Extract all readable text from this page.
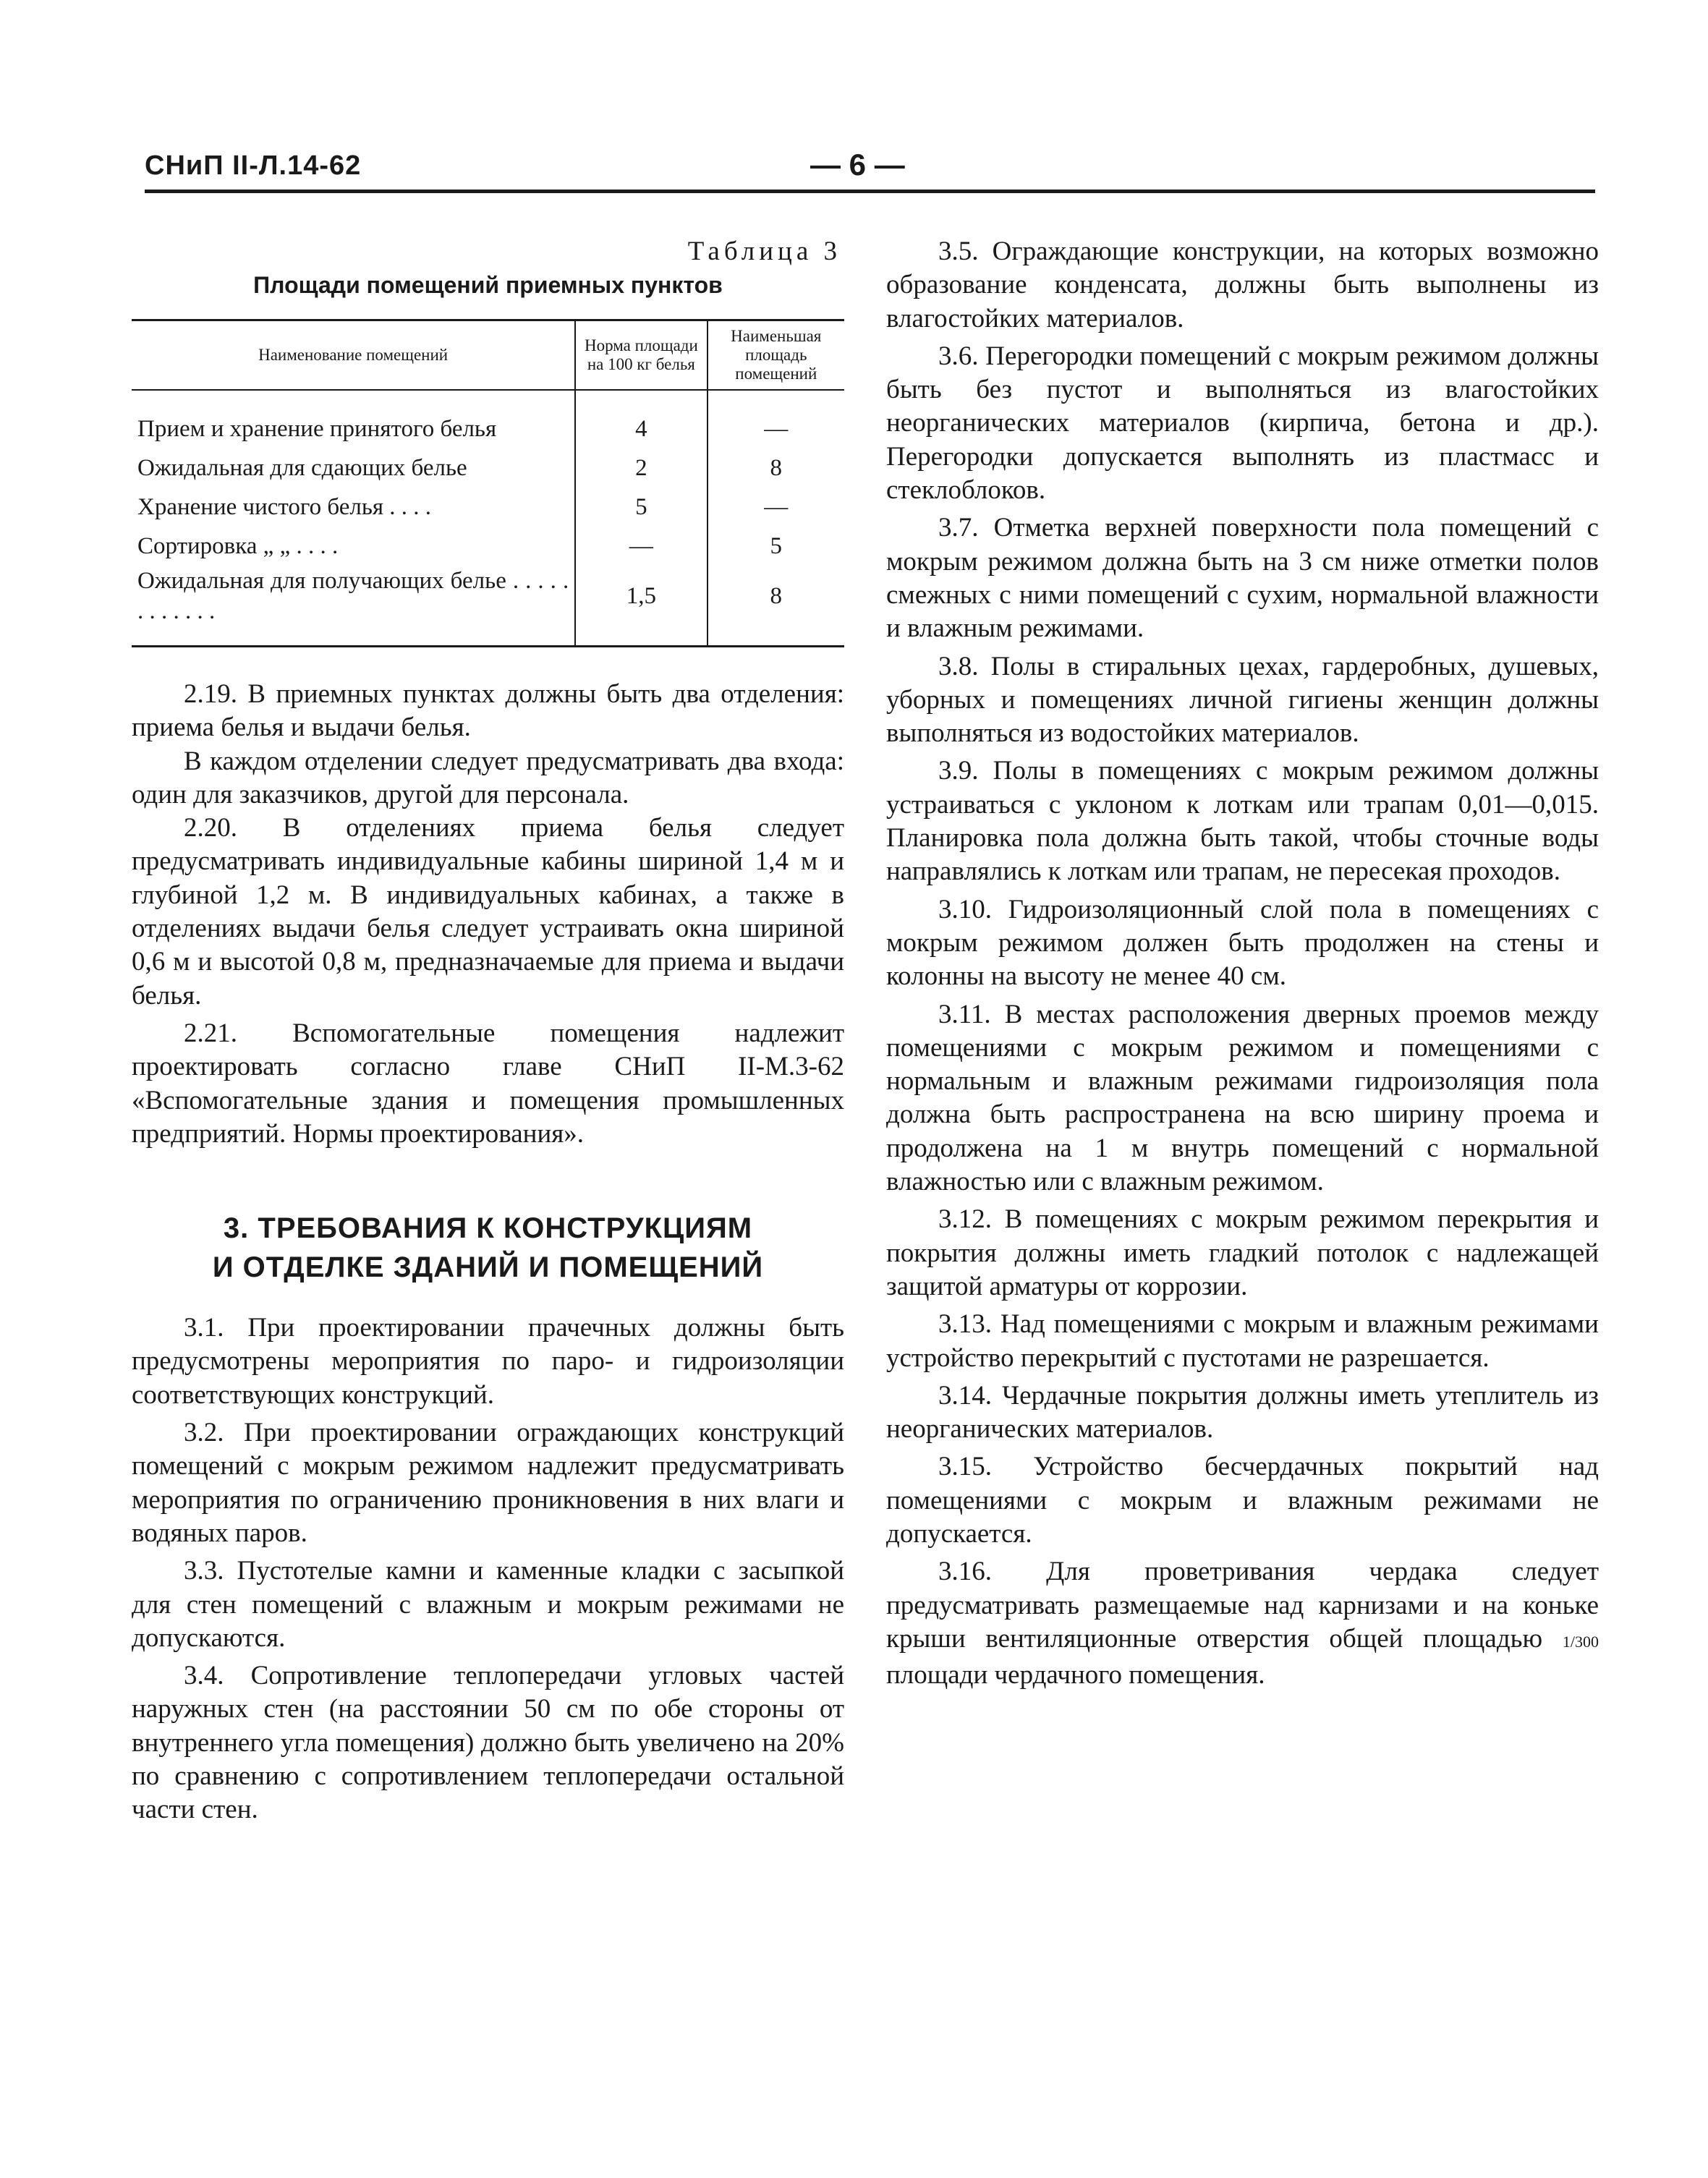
СНиП II-Л.14-62	— 6 —
Таблица 3
Площади помещений приемных пунктов
Наименование помещений	Норма площади на 100 кг белья	Наименьшая площадь помещений
Прием и хранение принятого белья	4	—
Ожидальная для сдающих белье	2	8
Хранение чистого белья . . . .	5	—
Сортировка „ „ . . . .	—	5
Ожидальная для получающих белье . . . . . . . . . . . .	1,5	8

2.19. В приемных пунктах должны быть два отделения: приема белья и выдачи белья.

В каждом отделении следует предусматривать два входа: один для заказчиков, другой для персонала.

2.20. В отделениях приема белья следует предусматривать индивидуальные кабины шириной 1,4 м и глубиной 1,2 м. В индивидуальных кабинах, а также в отделениях выдачи белья следует устраивать окна шириной 0,6 м и высотой 0,8 м, предназначаемые для приема и выдачи белья.

2.21. Вспомогательные помещения надлежит проектировать согласно главе СНиП II-М.3-62 «Вспомогательные здания и помещения промышленных предприятий. Нормы проектирования».

3. ТРЕБОВАНИЯ К КОНСТРУКЦИЯМ
И ОТДЕЛКЕ ЗДАНИЙ И ПОМЕЩЕНИЙ

3.1. При проектировании прачечных должны быть предусмотрены мероприятия по паро- и гидроизоляции соответствующих конструкций.

3.2. При проектировании ограждающих конструкций помещений с мокрым режимом надлежит предусматривать мероприятия по ограничению проникновения в них влаги и водяных паров.

3.3. Пустотелые камни и каменные кладки с засыпкой для стен помещений с влажным и мокрым режимами не допускаются.

3.4. Сопротивление теплопередачи угловых частей наружных стен (на расстоянии 50 см по обе стороны от внутреннего угла помещения) должно быть увеличено на 20% по сравнению с сопротивлением теплопередачи остальной части стен.

3.5. Ограждающие конструкции, на которых возможно образование конденсата, должны быть выполнены из влагостойких материалов.

3.6. Перегородки помещений с мокрым режимом должны быть без пустот и выполняться из влагостойких неорганических материалов (кирпича, бетона и др.). Перегородки допускается выполнять из пластмасс и стеклоблоков.

3.7. Отметка верхней поверхности пола помещений с мокрым режимом должна быть на 3 см ниже отметки полов смежных с ними помещений с сухим, нормальной влажности и влажным режимами.

3.8. Полы в стиральных цехах, гардеробных, душевых, уборных и помещениях личной гигиены женщин должны выполняться из водостойких материалов.

3.9. Полы в помещениях с мокрым режимом должны устраиваться с уклоном к лоткам или трапам 0,01—0,015. Планировка пола должна быть такой, чтобы сточные воды направлялись к лоткам или трапам, не пересекая проходов.

3.10. Гидроизоляционный слой пола в помещениях с мокрым режимом должен быть продолжен на стены и колонны на высоту не менее 40 см.

3.11. В местах расположения дверных проемов между помещениями с мокрым режимом и помещениями с нормальным и влажным режимами гидроизоляция пола должна быть распространена на всю ширину проема и продолжена на 1 м внутрь помещений с нормальной влажностью или с влажным режимом.

3.12. В помещениях с мокрым режимом перекрытия и покрытия должны иметь гладкий потолок с надлежащей защитой арматуры от коррозии.

3.13. Над помещениями с мокрым и влажным режимами устройство перекрытий с пустотами не разрешается.

3.14. Чердачные покрытия должны иметь утеплитель из неорганических материалов.

3.15. Устройство бесчердачных покрытий над помещениями с мокрым и влажным режимами не допускается.

3.16. Для проветривания чердака следует предусматривать размещаемые над карнизами и на коньке крыши вентиляционные отверстия общей площадью 1/300 площади чердачного помещения.
